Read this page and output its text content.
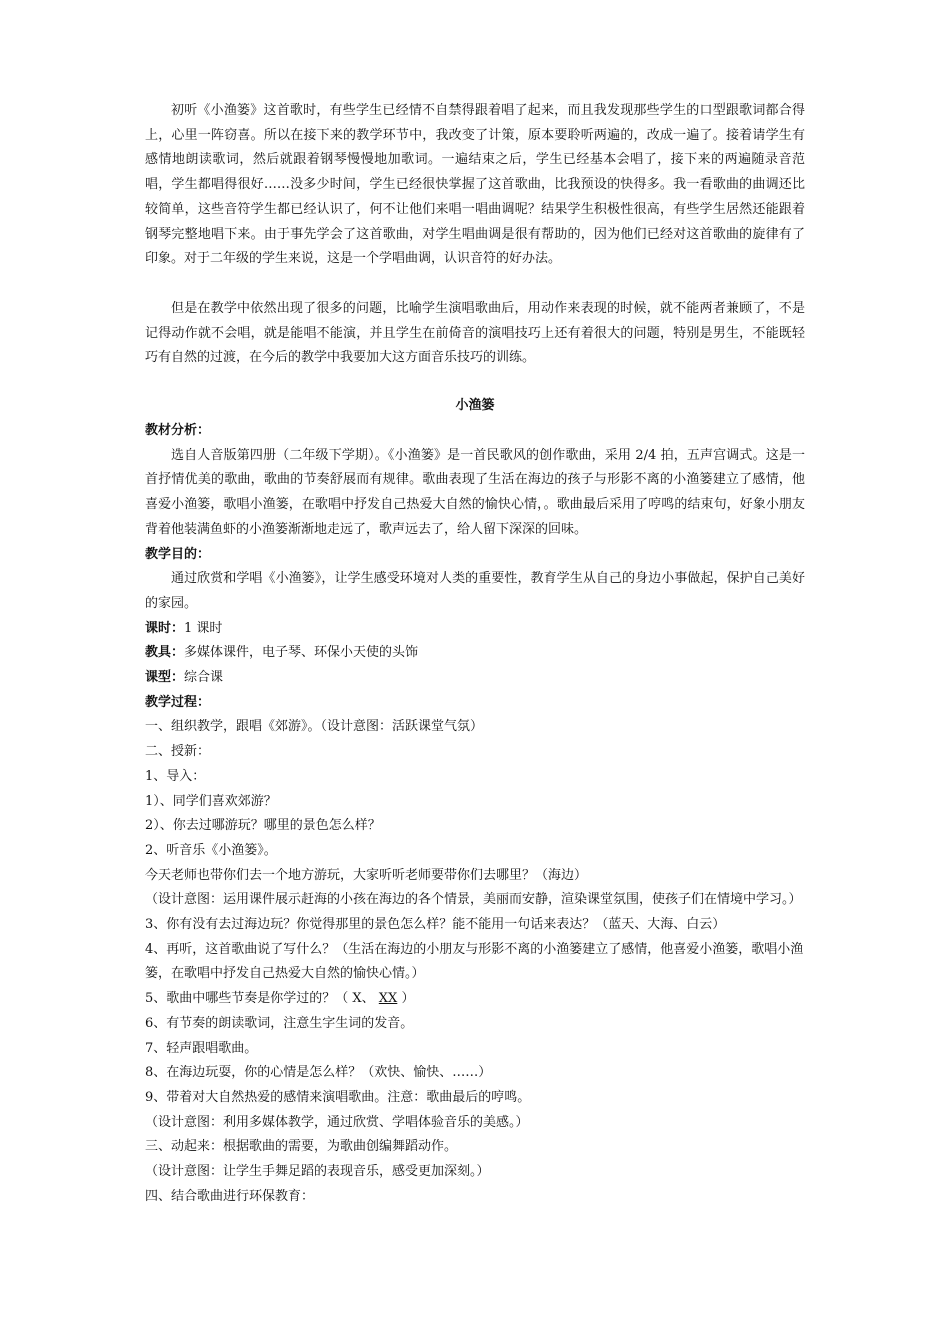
初听《小渔篓》这首歌时，有些学生已经情不自禁得跟着唱了起来，而且我发现那些学生的口型跟歌词都合得上，心里一阵窃喜。所以在接下来的教学环节中，我改变了计策，原本要聆听两遍的，改成一遍了。接着请学生有感情地朗读歌词，然后就跟着钢琴慢慢地加歌词。一遍结束之后，学生已经基本会唱了，接下来的两遍随录音范唱，学生都唱得很好……没多少时间，学生已经很快掌握了这首歌曲，比我预设的快得多。我一看歌曲的曲调还比较简单，这些音符学生都已经认识了，何不让他们来唱一唱曲调呢？结果学生积极性很高，有些学生居然还能跟着钢琴完整地唱下来。由于事先学会了这首歌曲，对学生唱曲调是很有帮助的，因为他们已经对这首歌曲的旋律有了印象。对于二年级的学生来说，这是一个学唱曲调，认识音符的好办法。

但是在教学中依然出现了很多的问题，比喻学生演唱歌曲后，用动作来表现的时候，就不能两者兼顾了，不是记得动作就不会唱，就是能唱不能演，并且学生在前倚音的演唱技巧上还有着很大的问题，特别是男生，不能既轻巧有自然的过渡，在今后的教学中我要加大这方面音乐技巧的训练。

小渔篓

教材分析：

选自人音版第四册（二年级下学期）。《小渔篓》是一首民歌风的创作歌曲，采用 2/4 拍，五声宫调式。这是一首抒情优美的歌曲，歌曲的节奏舒展而有规律。歌曲表现了生活在海边的孩子与形影不离的小渔篓建立了感情，他喜爱小渔篓，歌唱小渔篓，在歌唱中抒发自己热爱大自然的愉快心情，。歌曲最后采用了哼鸣的结束句，好象小朋友背着他装满鱼虾的小渔篓渐渐地走远了，歌声远去了，给人留下深深的回味。

教学目的：

通过欣赏和学唱《小渔篓》，让学生感受环境对人类的重要性，教育学生从自己的身边小事做起，保护自己美好的家园。

课时：1 课时

教具：多媒体课件，电子琴、环保小天使的头饰

课型：综合课

教学过程：

一、组织教学，跟唱《郊游》。（设计意图：活跃课堂气氛）

二、授新：

1、导入：

1）、同学们喜欢郊游？

2）、你去过哪游玩？哪里的景色怎么样？

2、听音乐《小渔篓》。

今天老师也带你们去一个地方游玩，大家听听老师要带你们去哪里？（海边）

（设计意图：运用课件展示赶海的小孩在海边的各个情景，美丽而安静，渲染课堂氛围，使孩子们在情境中学习。）

3、你有没有去过海边玩？你觉得那里的景色怎么样？能不能用一句话来表达？（蓝天、大海、白云）

4、再听，这首歌曲说了写什么？（生活在海边的小朋友与形影不离的小渔篓建立了感情，他喜爱小渔篓，歌唱小渔篓，在歌唱中抒发自己热爱大自然的愉快心情。）

5、歌曲中哪些节奏是你学过的？（ X、 XX ）

6、有节奏的朗读歌词，注意生字生词的发音。

7、轻声跟唱歌曲。

8、在海边玩耍，你的心情是怎么样？（欢快、愉快、……）

9、带着对大自然热爱的感情来演唱歌曲。注意：歌曲最后的哼鸣。

（设计意图：利用多媒体教学，通过欣赏、学唱体验音乐的美感。）

三、动起来：根据歌曲的需要，为歌曲创编舞蹈动作。

（设计意图：让学生手舞足蹈的表现音乐，感受更加深刻。）

四、结合歌曲进行环保教育：
